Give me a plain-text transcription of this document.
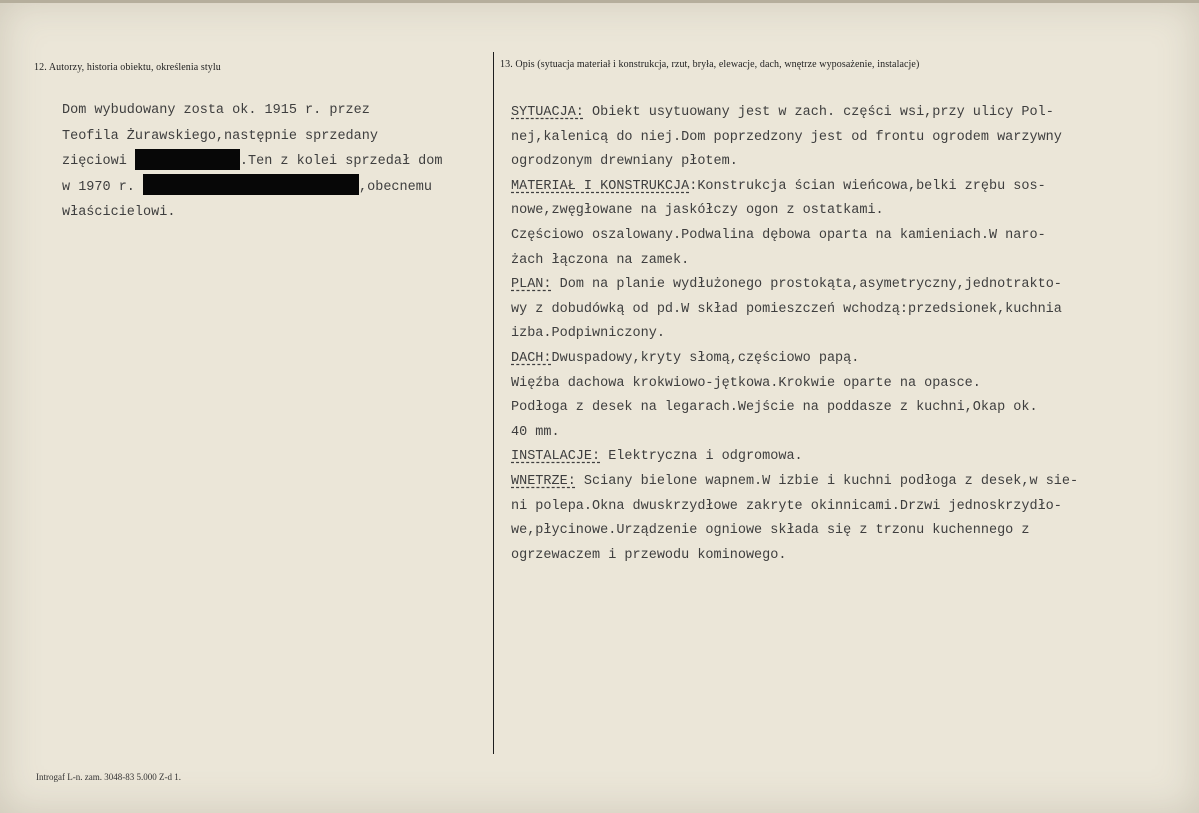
12. Autorzy, historia obiektu, określenia stylu	13. Opis (sytuacja materiał i konstrukcja, rzut, bryła, elewacje, dach, wnętrze wyposażenie, instalacje)
Dom wybudowany zosta ok. 1915 r. przez
Teofila Żurawskiego,następnie sprzedany
zięciowi	.Ten z kolei sprzedał dom
w 1970 r.	,obecnemu
właścicielowi.
SYTUACJA: Obiekt usytuowany jest w zach. części wsi,przy ulicy Pol-
nej,kalenicą do niej.Dom poprzedzony jest od frontu ogrodem warzywny
ogrodzonym drewniany płotem.
MATERIAŁ I KONSTRUKCJA:Konstrukcja ścian wieńcowa,belki zrębu sos-
nowe,zwęgłowane na jaskółczy ogon z ostatkami.
Częściowo oszalowany.Podwalina dębowa oparta na kamieniach.W naro-
żach łączona na zamek.
PLAN: Dom na planie wydłużonego prostokąta,asymetryczny,jednotrakto-
wy z dobudówką od pd.W skład pomieszczeń wchodzą:przedsionek,kuchnia
izba.Podpiwniczony.
DACH:Dwuspadowy,kryty słomą,częściowo papą.
Więźba dachowa krokwiowo-jętkowa.Krokwie oparte na opasce.
Podłoga z desek na legarach.Wejście na poddasze z kuchni,Okap ok.
40 mm.
INSTALACJE: Elektryczna i odgromowa.
WNETRZE: Sciany bielone wapnem.W izbie i kuchni podłoga z desek,w sie-
ni polepa.Okna dwuskrzydłowe zakryte okinnicami.Drzwi jednoskrzydło-
we,płycinowe.Urządzenie ogniowe składa się z trzonu kuchennego z
ogrzewaczem i przewodu kominowego.
Introgaf L-n. zam. 3048-83 5.000 Z-d 1.
